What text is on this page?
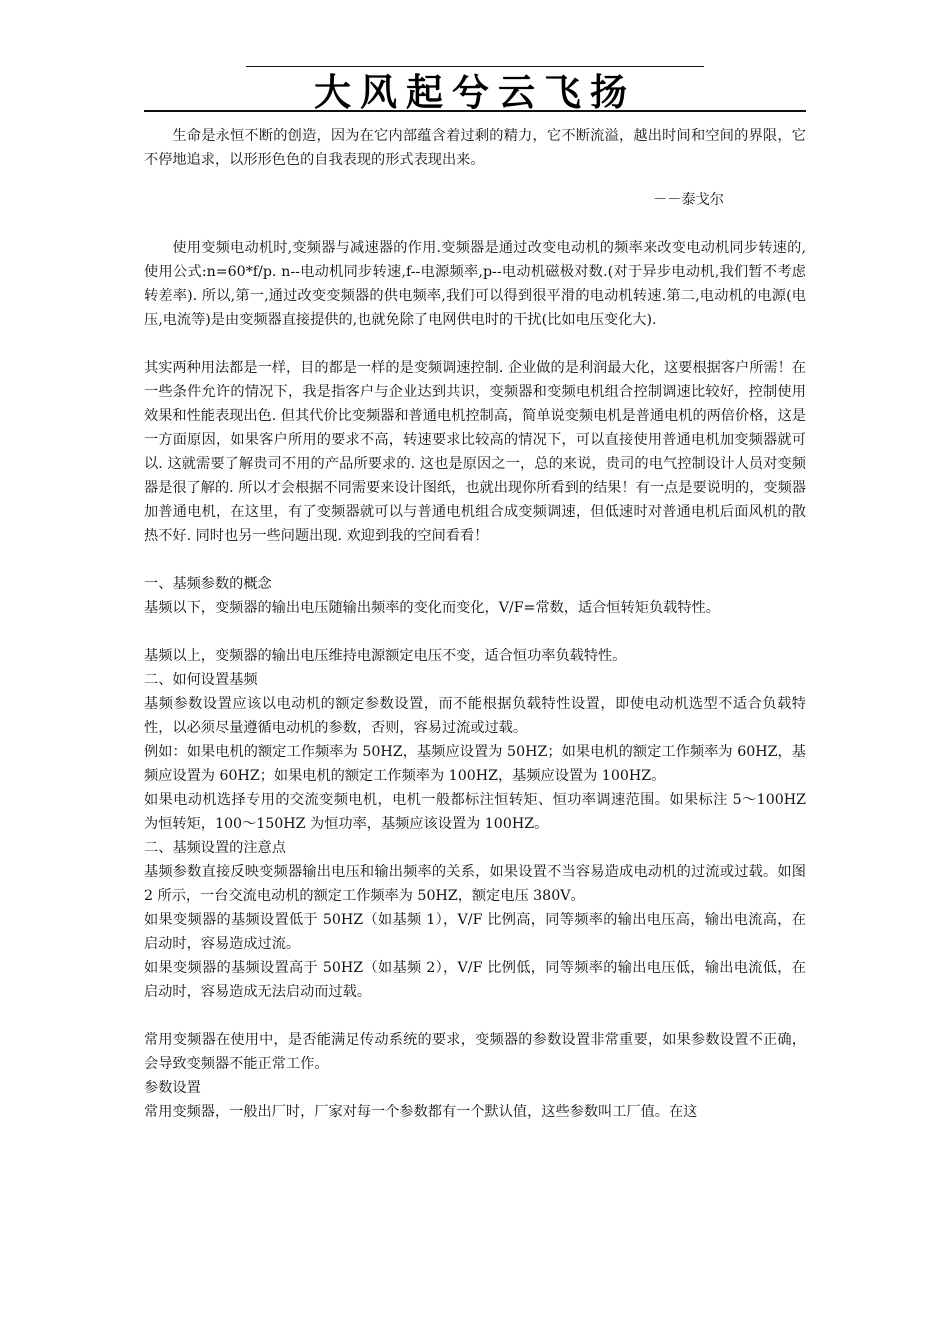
大风起兮云飞扬

生命是永恒不断的创造，因为在它内部蕴含着过剩的精力，它不断流溢，越出时间和空间的界限，它不停地追求，以形形色色的自我表现的形式表现出来。

－－泰戈尔

使用变频电动机时,变频器与减速器的作用.变频器是通过改变电动机的频率来改变电动机同步转速的,使用公式:n=60*f/p. n--电动机同步转速,f--电源频率,p--电动机磁极对数.(对于异步电动机,我们暂不考虑转差率). 所以,第一,通过改变变频器的供电频率,我们可以得到很平滑的电动机转速.第二,电动机的电源(电压,电流等)是由变频器直接提供的,也就免除了电网供电时的干扰(比如电压变化大).

其实两种用法都是一样，目的都是一样的是变频调速控制. 企业做的是利润最大化，这要根据客户所需！在一些条件允许的情况下，我是指客户与企业达到共识，变频器和变频电机组合控制调速比较好，控制使用效果和性能表现出色. 但其代价比变频器和普通电机控制高，简单说变频电机是普通电机的两倍价格，这是一方面原因，如果客户所用的要求不高，转速要求比较高的情况下，可以直接使用普通电机加变频器就可以. 这就需要了解贵司不用的产品所要求的. 这也是原因之一，总的来说，贵司的电气控制设计人员对变频器是很了解的. 所以才会根据不同需要来设计图纸，也就出现你所看到的结果！有一点是要说明的，变频器加普通电机，在这里，有了变频器就可以与普通电机组合成变频调速，但低速时对普通电机后面风机的散热不好. 同时也另一些问题出现. 欢迎到我的空间看看！

一、基频参数的概念

基频以下，变频器的输出电压随输出频率的变化而变化，V/F=常数，适合恒转矩负载特性。

基频以上，变频器的输出电压维持电源额定电压不变，适合恒功率负载特性。

二、如何设置基频

基频参数设置应该以电动机的额定参数设置，而不能根据负载特性设置，即使电动机选型不适合负载特性，以必须尽量遵循电动机的参数，否则，容易过流或过载。

例如：如果电机的额定工作频率为 50HZ，基频应设置为 50HZ；如果电机的额定工作频率为 60HZ，基频应设置为 60HZ；如果电机的额定工作频率为 100HZ，基频应设置为 100HZ。

如果电动机选择专用的交流变频电机，电机一般都标注恒转矩、恒功率调速范围。如果标注 5～100HZ 为恒转矩，100～150HZ 为恒功率，基频应该设置为 100HZ。

二、基频设置的注意点

基频参数直接反映变频器输出电压和输出频率的关系，如果设置不当容易造成电动机的过流或过载。如图 2 所示，一台交流电动机的额定工作频率为 50HZ，额定电压 380V。

如果变频器的基频设置低于 50HZ（如基频 1），V/F 比例高，同等频率的输出电压高，输出电流高，在启动时，容易造成过流。

如果变频器的基频设置高于 50HZ（如基频 2），V/F 比例低，同等频率的输出电压低，输出电流低，在启动时，容易造成无法启动而过载。

常用变频器在使用中，是否能满足传动系统的要求，变频器的参数设置非常重要，如果参数设置不正确，会导致变频器不能正常工作。

参数设置

常用变频器，一般出厂时，厂家对每一个参数都有一个默认值，这些参数叫工厂值。在这
